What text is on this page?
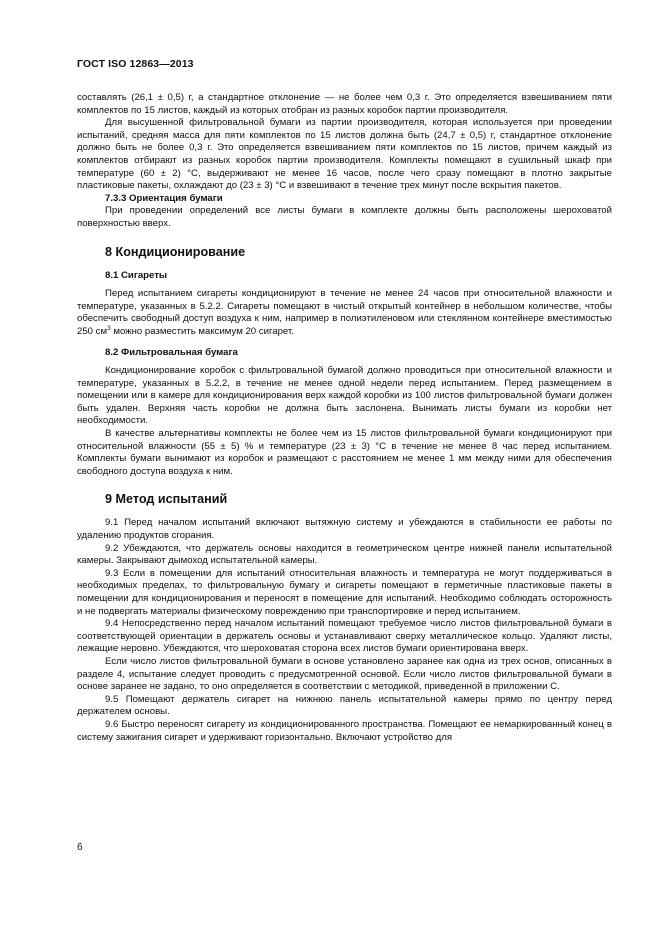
ГОСТ ISO 12863—2013

составлять (26,1 ± 0,5) г, а стандартное отклонение — не более чем 0,3 г. Это определяется взвешиванием пяти комплектов по 15 листов, каждый из которых отобран из разных коробок партии производителя.

Для высушенной фильтровальной бумаги из партии производителя, которая используется при проведении испытаний, средняя масса для пяти комплектов по 15 листов должна быть (24,7 ± 0,5) г, стандартное отклонение должно быть не более 0,3 г. Это определяется взвешиванием пяти комплектов по 15 листов, причем каждый из комплектов отбирают из разных коробок партии производителя. Комплекты помещают в сушильный шкаф при температуре (60 ± 2) °С, выдерживают не менее 16 часов, после чего сразу помещают в плотно закрытые пластиковые пакеты, охлаждают до (23 ± 3) °С и взвешивают в течение трех минут после вскрытия пакетов.

7.3.3 Ориентация бумаги

При проведении определений все листы бумаги в комплекте должны быть расположены шероховатой поверхностью вверх.

8 Кондиционирование
8.1 Сигареты

Перед испытанием сигареты кондиционируют в течение не менее 24 часов при относительной влажности и температуре, указанных в 5.2.2. Сигареты помещают в чистый открытый контейнер в небольшом количестве, чтобы обеспечить свободный доступ воздуха к ним, например в полиэтиленовом или стеклянном контейнере вместимостью 250 $см^3$ можно разместить максимум 20 сигарет.

8.2 Фильтровальная бумага

Кондиционирование коробок с фильтровальной бумагой должно проводиться при относительной влажности и температуре, указанных в 5.2.2, в течение не менее одной недели перед испытанием. Перед размещением в помещении или в камере для кондиционирования верх каждой коробки из 100 листов фильтровальной бумаги должен быть удален. Верхняя часть коробки не должна быть заслонена. Вынимать листы бумаги из коробки нет необходимости.

В качестве альтернативы комплекты не более чем из 15 листов фильтровальной бумаги кондиционируют при относительной влажности (55 ± 5) % и температуре (23 ± 3) °С в течение не менее 8 час перед испытанием. Комплекты бумаги вынимают из коробок и размещают с расстоянием не менее 1 мм между ними для обеспечения свободного доступа воздуха к ним.

9 Метод испытаний

9.1 Перед началом испытаний включают вытяжную систему и убеждаются в стабильности ее работы по удалению продуктов сгорания.

9.2 Убеждаются, что держатель основы находится в геометрическом центре нижней панели испытательной камеры. Закрывают дымоход испытательной камеры.

9.3 Если в помещении для испытаний относительная влажность и температура не могут поддерживаться в необходимых пределах, то фильтровальную бумагу и сигареты помещают в герметичные пластиковые пакеты в помещении для кондиционирования и переносят в помещение для испытаний. Необходимо соблюдать осторожность и не подвергать материалы физическому повреждению при транспортировке и перед испытанием.

9.4 Непосредственно перед началом испытаний помещают требуемое число листов фильтровальной бумаги в соответствующей ориентации в держатель основы и устанавливают сверху металлическое кольцо. Удаляют листы, лежащие неровно. Убеждаются, что шероховатая сторона всех листов бумаги ориентирована вверх.

Если число листов фильтровальной бумаги в основе установлено заранее как одна из трех основ, описанных в разделе 4, испытание следует проводить с предусмотренной основой. Если число листов фильтровальной бумаги в основе заранее не задано, то оно определяется в соответствии с методикой, приведенной в приложении С.

9.5 Помещают держатель сигарет на нижнюю панель испытательной камеры прямо по центру перед держателем основы.

9.6 Быстро переносят сигарету из кондиционированного пространства. Помещают ее немаркированный конец в систему зажигания сигарет и удерживают горизонтально. Включают устройство для

6
